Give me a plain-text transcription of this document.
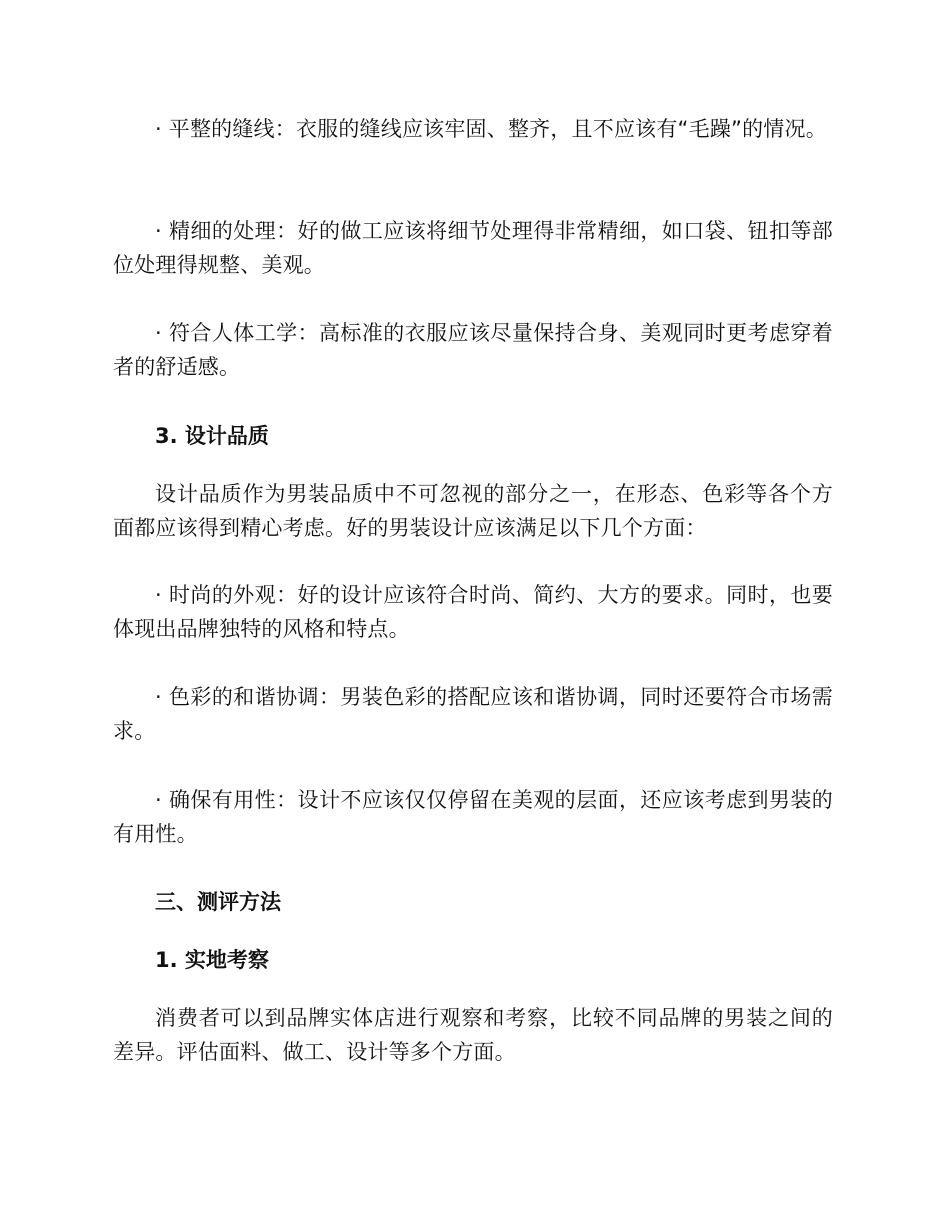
· 平整的缝线：衣服的缝线应该牢固、整齐，且不应该有“毛躁”的情况。

· 精细的处理：好的做工应该将细节处理得非常精细，如口袋、钮扣等部位处理得规整、美观。

· 符合人体工学：高标准的衣服应该尽量保持合身、美观同时更考虑穿着者的舒适感。

3. 设计品质

设计品质作为男装品质中不可忽视的部分之一，在形态、色彩等各个方面都应该得到精心考虑。好的男装设计应该满足以下几个方面：

· 时尚的外观：好的设计应该符合时尚、简约、大方的要求。同时，也要体现出品牌独特的风格和特点。

· 色彩的和谐协调：男装色彩的搭配应该和谐协调，同时还要符合市场需求。

· 确保有用性：设计不应该仅仅停留在美观的层面，还应该考虑到男装的有用性。

三、测评方法
1. 实地考察

消费者可以到品牌实体店进行观察和考察，比较不同品牌的男装之间的差异。评估面料、做工、设计等多个方面。
